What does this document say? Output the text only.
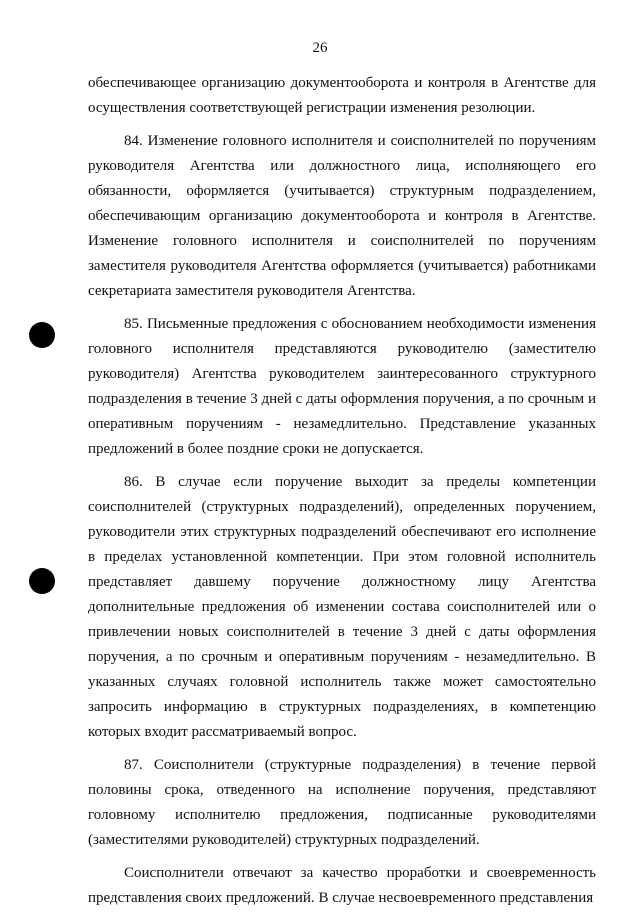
26

обеспечивающее организацию документооборота и контроля в Агентстве для осуществления соответствующей регистрации изменения резолюции.

84. Изменение головного исполнителя и соисполнителей по поручениям руководителя Агентства или должностного лица, исполняющего его обязанности, оформляется (учитывается) структурным подразделением, обеспечивающим организацию документооборота и контроля в Агентстве. Изменение головного исполнителя и соисполнителей по поручениям заместителя руководителя Агентства оформляется (учитывается) работниками секретариата заместителя руководителя Агентства.

85. Письменные предложения с обоснованием необходимости изменения головного исполнителя представляются руководителю (заместителю руководителя) Агентства руководителем заинтересованного структурного подразделения в течение 3 дней с даты оформления поручения, а по срочным и оперативным поручениям - незамедлительно. Представление указанных предложений в более поздние сроки не допускается.

86. В случае если поручение выходит за пределы компетенции соисполнителей (структурных подразделений), определенных поручением, руководители этих структурных подразделений обеспечивают его исполнение в пределах установленной компетенции. При этом головной исполнитель представляет давшему поручение должностному лицу Агентства дополнительные предложения об изменении состава соисполнителей или о привлечении новых соисполнителей в течение 3 дней с даты оформления поручения, а по срочным и оперативным поручениям - незамедлительно. В указанных случаях головной исполнитель также может самостоятельно запросить информацию в структурных подразделениях, в компетенцию которых входит рассматриваемый вопрос.

87. Соисполнители (структурные подразделения) в течение первой половины срока, отведенного на исполнение поручения, представляют головному исполнителю предложения, подписанные руководителями (заместителями руководителей) структурных подразделений.

Соисполнители отвечают за качество проработки и своевременность представления своих предложений. В случае несвоевременного представления
